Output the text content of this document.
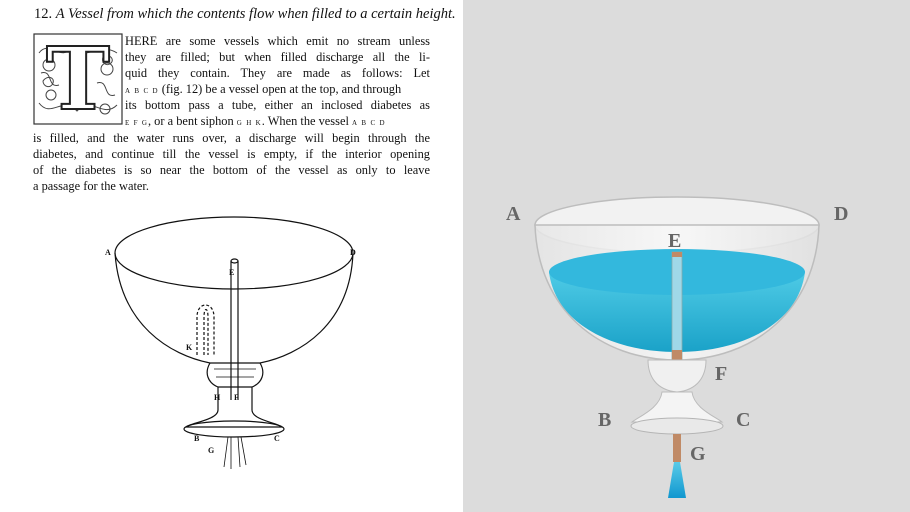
12. A Vessel from which the contents flow when filled to a certain height.
T HERE are some vessels which emit no stream unless
they are filled; but when filled discharge all the li-
quid they contain. They are made as follows: Let
a b c d (fig. 12) be a vessel open at the top, and through
its bottom pass a tube, either an inclosed diabetes as
e f g, or a bent siphon g h k. When the vessel a b c d
is filled, and the water runs over, a discharge will begin through the
diabetes, and continue till the vessel is empty, if the interior opening
of the diabetes is so near the bottom of the vessel as only to leave
a passage for the water.
A	D
E
K
H F
B	C
G
A	D
E
F
B	C
G
